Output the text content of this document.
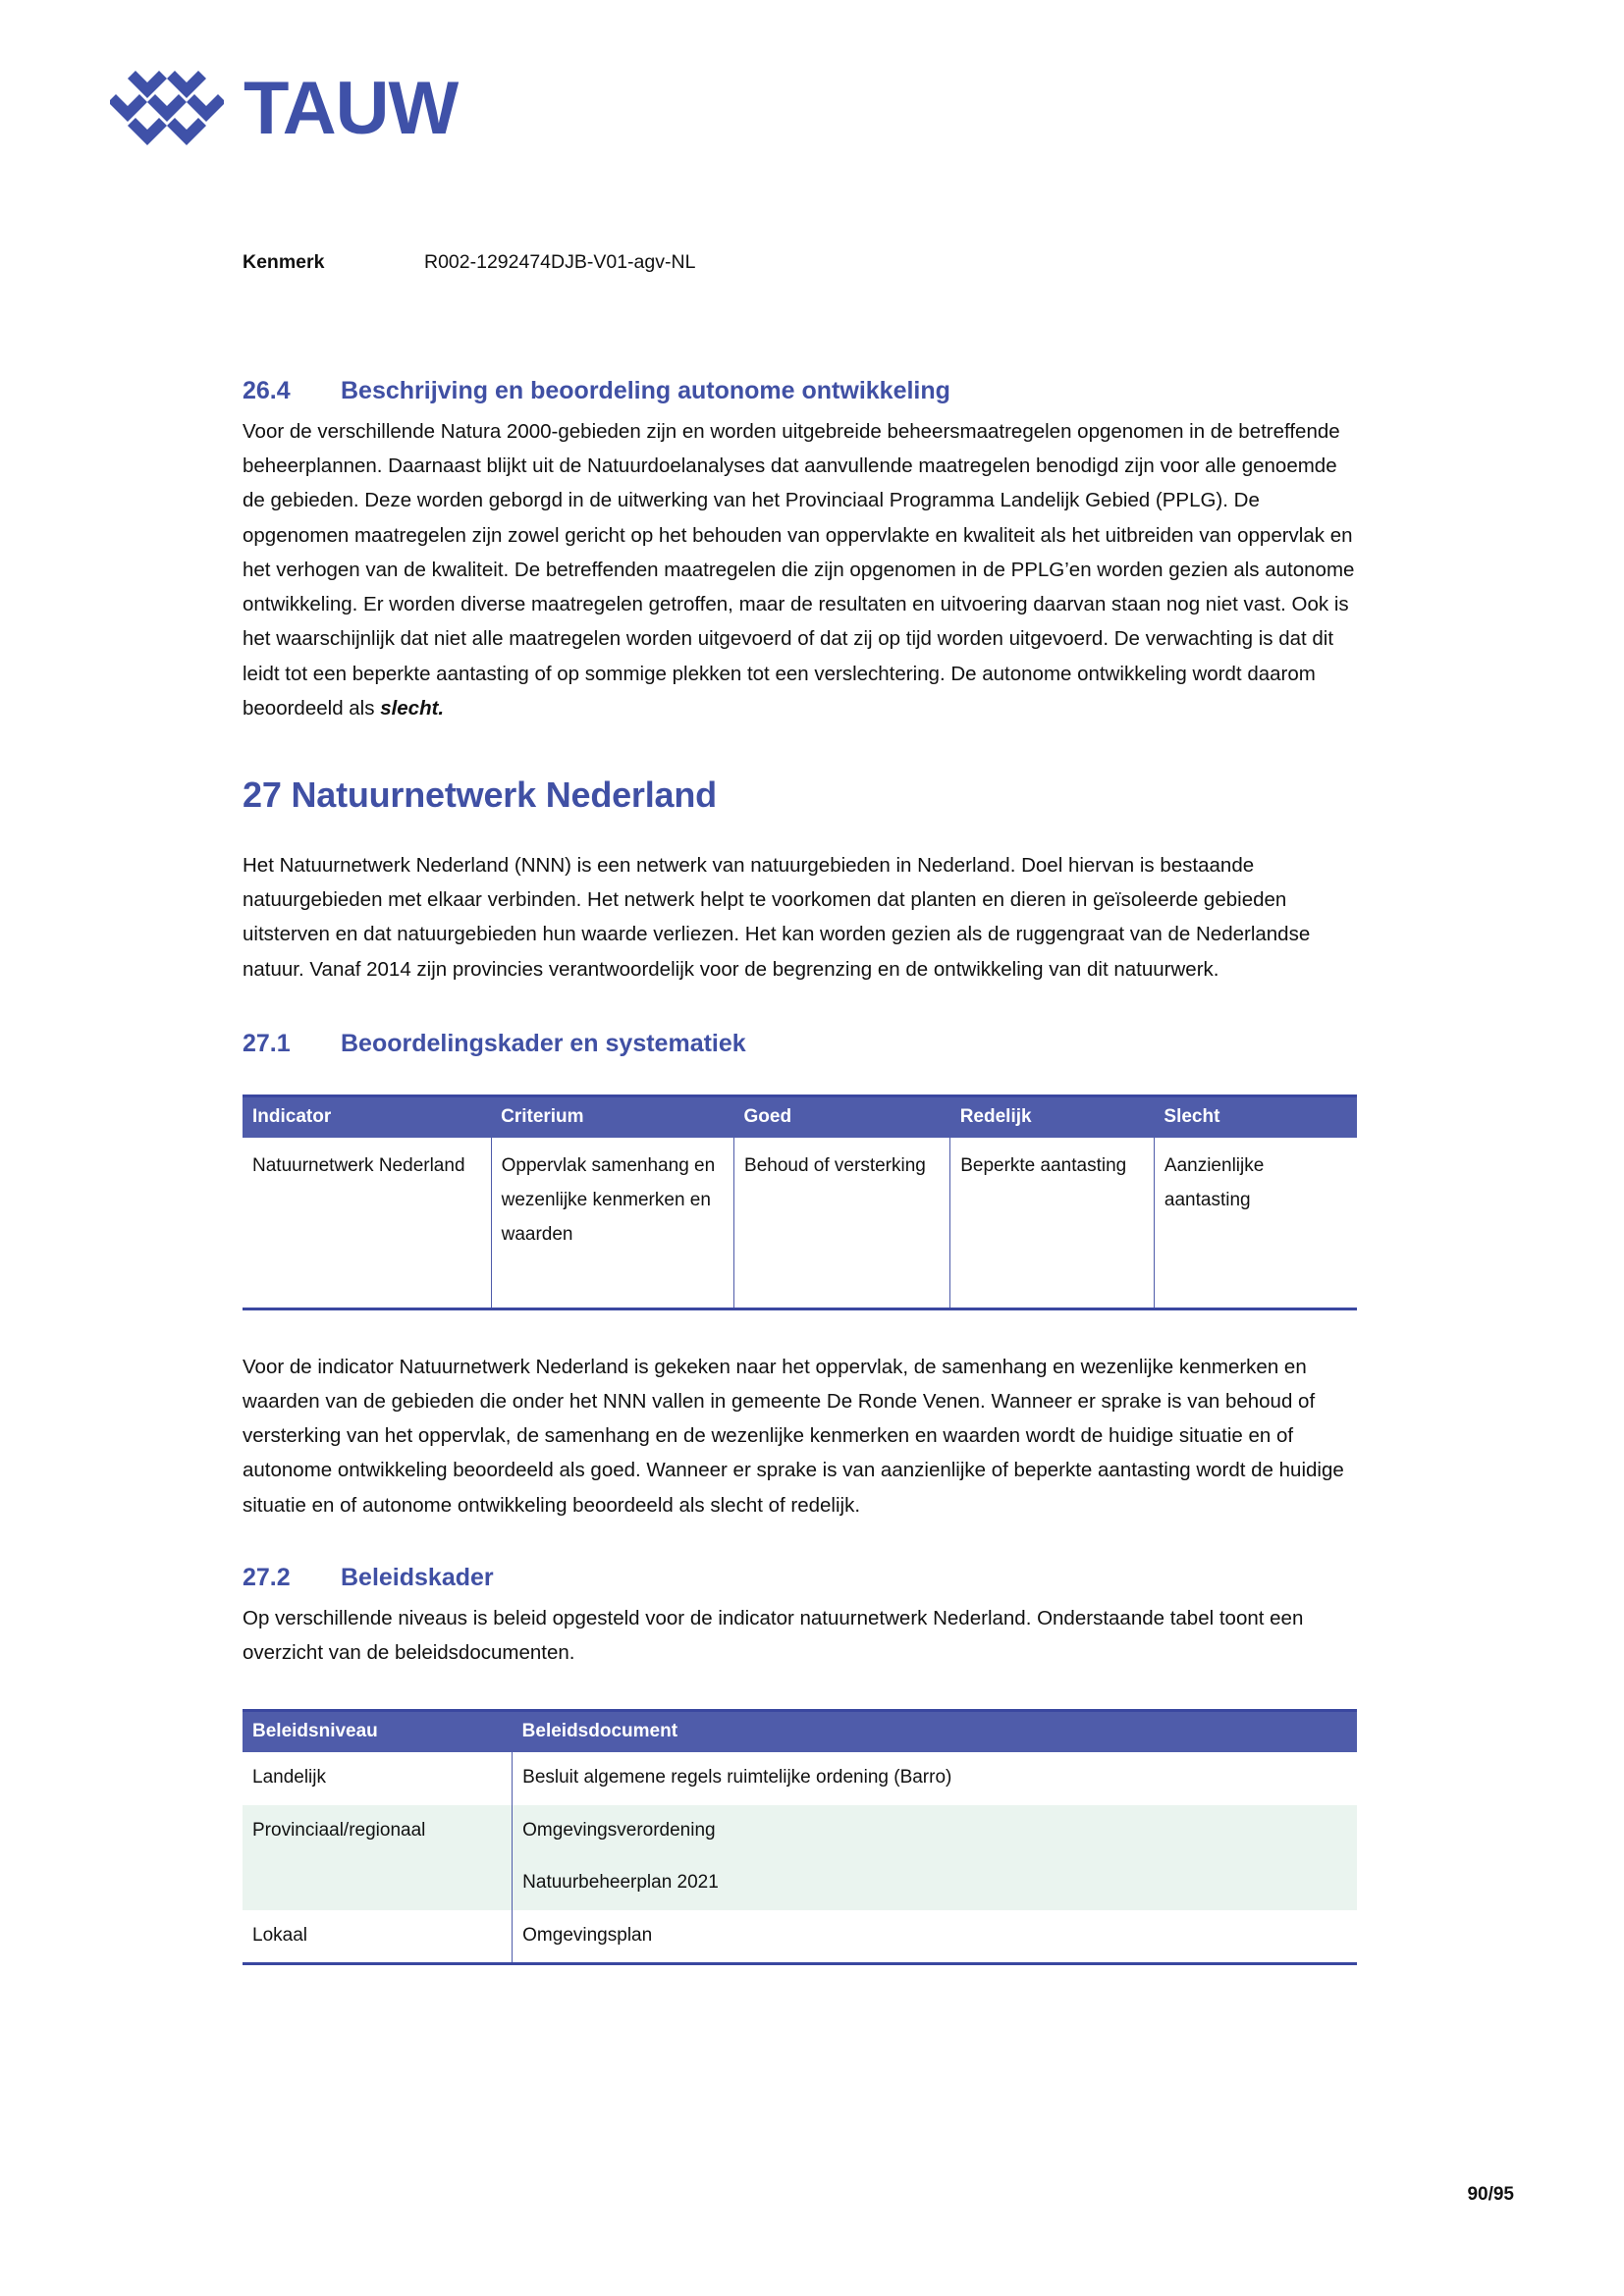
TAUW
Kenmerk	R002-1292474DJB-V01-agv-NL
26.4	Beschrijving en beoordeling autonome ontwikkeling

Voor de verschillende Natura 2000-gebieden zijn en worden uitgebreide beheersmaatregelen opgenomen in de betreffende beheerplannen. Daarnaast blijkt uit de Natuurdoelanalyses dat aanvullende maatregelen benodigd zijn voor alle genoemde de gebieden. Deze worden geborgd in de uitwerking van het Provinciaal Programma Landelijk Gebied (PPLG). De opgenomen maatregelen zijn zowel gericht op het behouden van oppervlakte en kwaliteit als het uitbreiden van oppervlak en het verhogen van de kwaliteit. De betreffenden maatregelen die zijn opgenomen in de PPLG’en worden gezien als autonome ontwikkeling. Er worden diverse maatregelen getroffen, maar de resultaten en uitvoering daarvan staan nog niet vast. Ook is het waarschijnlijk dat niet alle maatregelen worden uitgevoerd of dat zij op tijd worden uitgevoerd. De verwachting is dat dit leidt tot een beperkte aantasting of op sommige plekken tot een verslechtering. De autonome ontwikkeling wordt daarom beoordeeld als slecht.

27 Natuurnetwerk Nederland

Het Natuurnetwerk Nederland (NNN) is een netwerk van natuurgebieden in Nederland. Doel hiervan is bestaande natuurgebieden met elkaar verbinden. Het netwerk helpt te voorkomen dat planten en dieren in geïsoleerde gebieden uitsterven en dat natuurgebieden hun waarde verliezen. Het kan worden gezien als de ruggengraat van de Nederlandse natuur. Vanaf 2014 zijn provincies verantwoordelijk voor de begrenzing en de ontwikkeling van dit natuurwerk.

27.1	Beoordelingskader en systematiek
Indicator	Criterium	Goed	Redelijk	Slecht
Natuurnetwerk Nederland	Oppervlak samenhang en wezenlijke kenmerken en waarden	Behoud of versterking	Beperkte aantasting	Aanzienlijke aantasting

Voor de indicator Natuurnetwerk Nederland is gekeken naar het oppervlak, de samenhang en wezenlijke kenmerken en waarden van de gebieden die onder het NNN vallen in gemeente De Ronde Venen. Wanneer er sprake is van behoud of versterking van het oppervlak, de samenhang en de wezenlijke kenmerken en waarden wordt de huidige situatie en of autonome ontwikkeling beoordeeld als goed. Wanneer er sprake is van aanzienlijke of beperkte aantasting wordt de huidige situatie en of autonome ontwikkeling beoordeeld als slecht of redelijk.

27.2	Beleidskader

Op verschillende niveaus is beleid opgesteld voor de indicator natuurnetwerk Nederland. Onderstaande tabel toont een overzicht van de beleidsdocumenten.

Beleidsniveau	Beleidsdocument
Landelijk	Besluit algemene regels ruimtelijke ordening (Barro)
Provinciaal/regionaal	Omgevingsverordening
	Natuurbeheerplan 2021
Lokaal	Omgevingsplan
90/95
